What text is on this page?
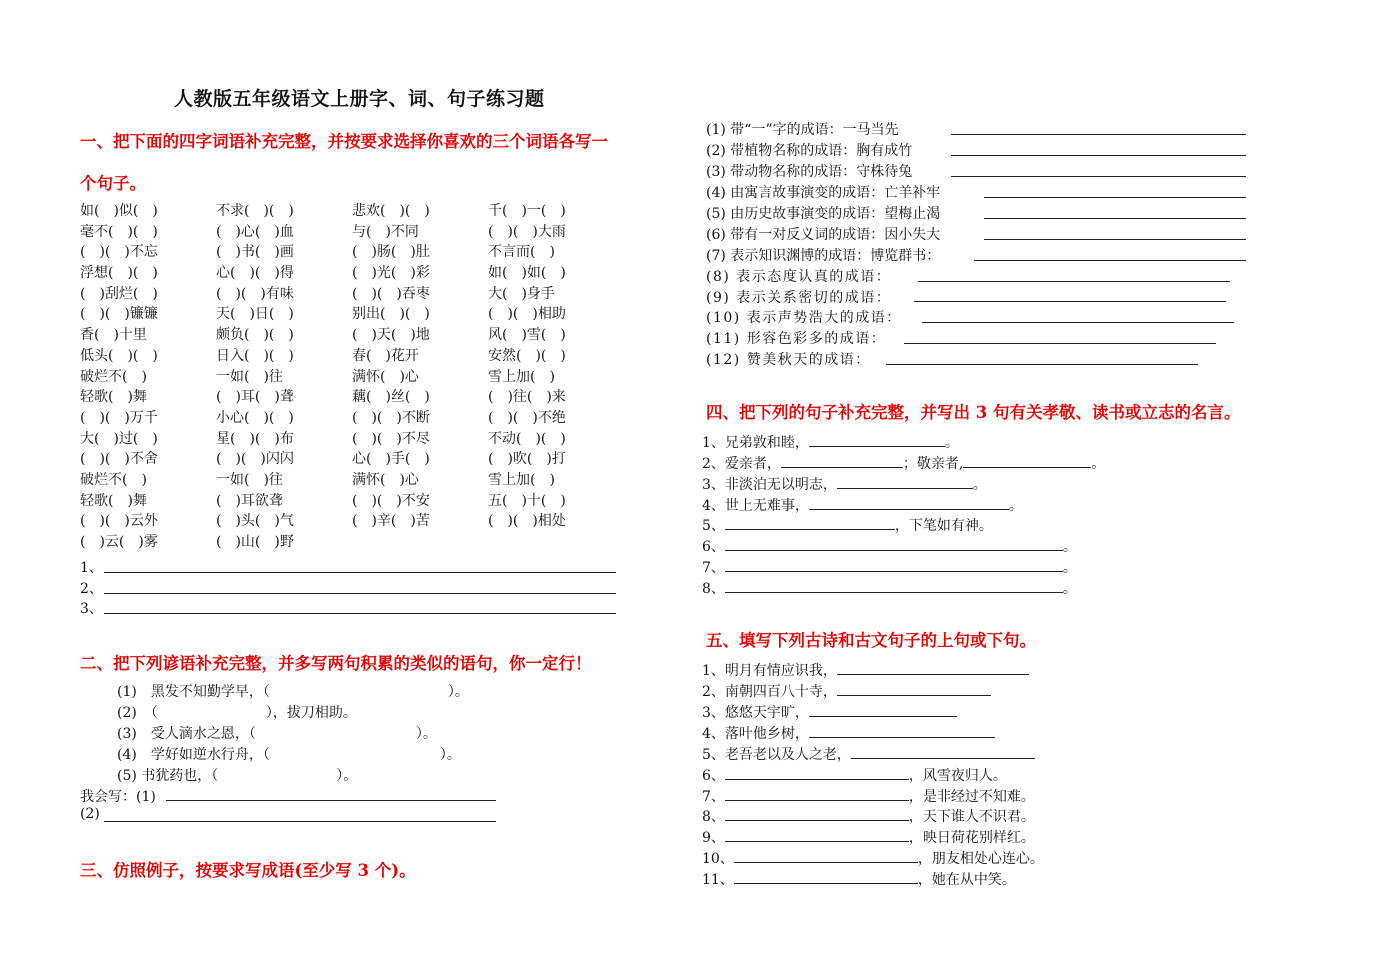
人教版五年级语文上册字、词、句子练习题
一、把下面的四字词语补充完整，并按要求选择你喜欢的三个词语各写一
个句子。
如(　)似(　)	不求(　)(　)	悲欢(　)(　)	千(　)一(　)
毫不(　)(　)	(　)心(　)血	与(　)不同	(　)(　)大雨
(　)(　)不忘	(　)书(　)画	(　)肠(　)肚	不言而(　)
浮想(　)(　)	心(　)(　)得	(　)光(　)彩	如(　)如(　)
(　)刮烂(　)	(　)(　)有味	(　)(　)吞枣	大(　)身手
(　)(　)镰镰	天(　)日(　)	别出(　)(　)	(　)(　)相助
香(　)十里	颇负(　)(　)	(　)天(　)地	风(　)雪(　)
低头(　)(　)	日入(　)(　)	春(　)花开	安然(　)(　)
破烂不(　)	一如(　)往	满怀(　)心	雪上加(　)
轻歌(　)舞	(　)耳(　)聋	藕(　)丝(　)	(　)往(　)来
(　)(　)万千	小心(　)(　)	(　)(　)不断	(　)(　)不绝
大(　)过(　)	星(　)(　)布	(　)(　)不尽	不动(　)(　)
(　)(　)不舍	(　)(　)闪闪	心(　)手(　)	(　)吹(　)打
破烂不(　)	一如(　)往	满怀(　)心	雪上加(　)
轻歌(　)舞	(　)耳欲聋	(　)(　)不安	五(　)十(　)
(　)(　)云外	(　)头(　)气	(　)辛(　)苦	(　)(　)相处
(　)云(　)雾	(　)山(　)野
1、
2、
3、
二、把下列谚语补充完整，并多写两句积累的类似的语句，你一定行！
(1)　黑发不知勤学早，（	）。
(2)　（	），拔刀相助。
(3)　受人滴水之恩，（	）。
(4)　学好如逆水行舟，（	）。
(5) 书犹药也，（	）。
我会写：(1)
(2)
三、仿照例子，按要求写成语(至少写 3 个)。
(1) 带“一”字的成语：一马当先
(2) 带植物名称的成语：胸有成竹
(3) 带动物名称的成语：守株待兔
(4) 由寓言故事演变的成语：亡羊补牢
(5) 由历史故事演变的成语：望梅止渴
(6) 带有一对反义词的成语：因小失大
(7) 表示知识渊博的成语：博览群书：
(8) 表示态度认真的成语：
(9) 表示关系密切的成语：
(10) 表示声势浩大的成语：
(11) 形容色彩多的成语：
(12) 赞美秋天的成语：
四、把下列的句子补充完整，并写出 3 句有关孝敬、读书或立志的名言。
1、兄弟敦和睦，	。
2、爱亲者，	；敬亲者,	。
3、非淡泊无以明志，	。
4、世上无难事，	。
5、	，下笔如有神。
6、	。
7、	。
8、	。
五、填写下列古诗和古文句子的上句或下句。
1、明月有情应识我，
2、南朝四百八十寺，
3、悠悠天宇旷，
4、落叶他乡树，
5、老吾老以及人之老，
6、	，风雪夜归人。
7、	，是非经过不知难。
8、	，天下谁人不识君。
9、	，映日荷花别样红。
10、	，朋友相处心连心。
11、	，她在从中笑。
